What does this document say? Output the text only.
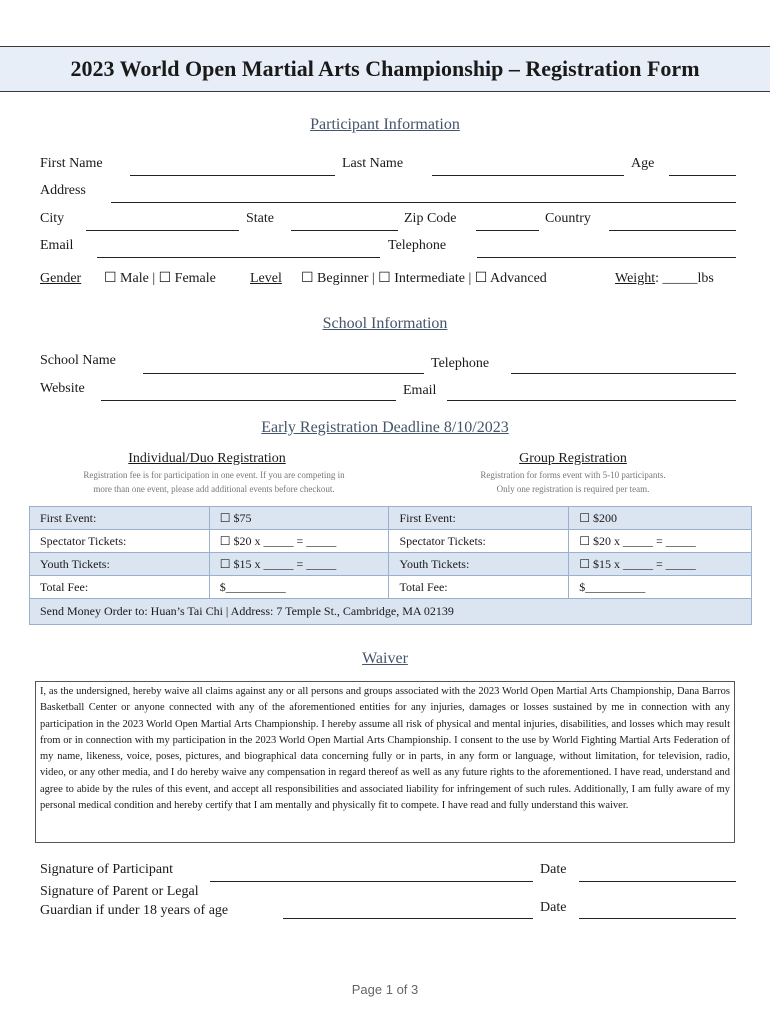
2023 World Open Martial Arts Championship – Registration Form
Participant Information
First Name	Last Name	Age
Address
City	State	Zip Code	Country
Email	Telephone
Gender ☐ Male | ☐ Female Level ☐ Beginner | ☐ Intermediate | ☐ Advanced	Weight: _____lbs
School Information
School Name	Telephone
Website	Email
Early Registration Deadline 8/10/2023
Individual/Duo Registration
Registration fee is for participation in one event. If you are competing in
more than one event, please add additional events before checkout.
Group Registration
Registration for forms event with 5-10 participants.
Only one registration is required per team.
First Event:	☐ $75	First Event:	☐ $200
Spectator Tickets:	☐ $20 x _____ = _____	Spectator Tickets:	☐ $20 x _____ = _____
Youth Tickets:	☐ $15 x _____ = _____	Youth Tickets:	☐ $15 x _____ = _____
Total Fee:	$__________	Total Fee:	$__________
Send Money Order to: Huan’s Tai Chi | Address: 7 Temple St., Cambridge, MA 02139			
Waiver
I, as the undersigned, hereby waive all claims against any or all persons and groups associated with the 2023 World Open Martial Arts Championship, Dana Barros Basketball Center or anyone connected with any of the aforementioned entities for any injuries, damages or losses sustained by me in connection with any participation in the 2023 World Open Martial Arts Championship. I hereby assume all risk of physical and mental injuries, disabilities, and losses which may result from or in connection with my participation in the 2023 World Open Martial Arts Championship. I consent to the use by World Fighting Martial Arts Federation of my name, likeness, voice, poses, pictures, and biographical data concerning fully or in parts, in any form or language, without limitation, for television, radio, video, or any other media, and I do hereby waive any compensation in regard thereof as well as any future rights to the aforementioned. I have read, understand and agree to abide by the rules of this event, and accept all responsibilities and associated liability for infringement of such rules. Additionally, I am fully aware of my personal medical condition and hereby certify that I am mentally and physically fit to compete. I have read and fully understand this waiver.
Signature of Participant	Date
Signature of Parent or Legal
Guardian if under 18 years of age	Date
Page 1 of 3
